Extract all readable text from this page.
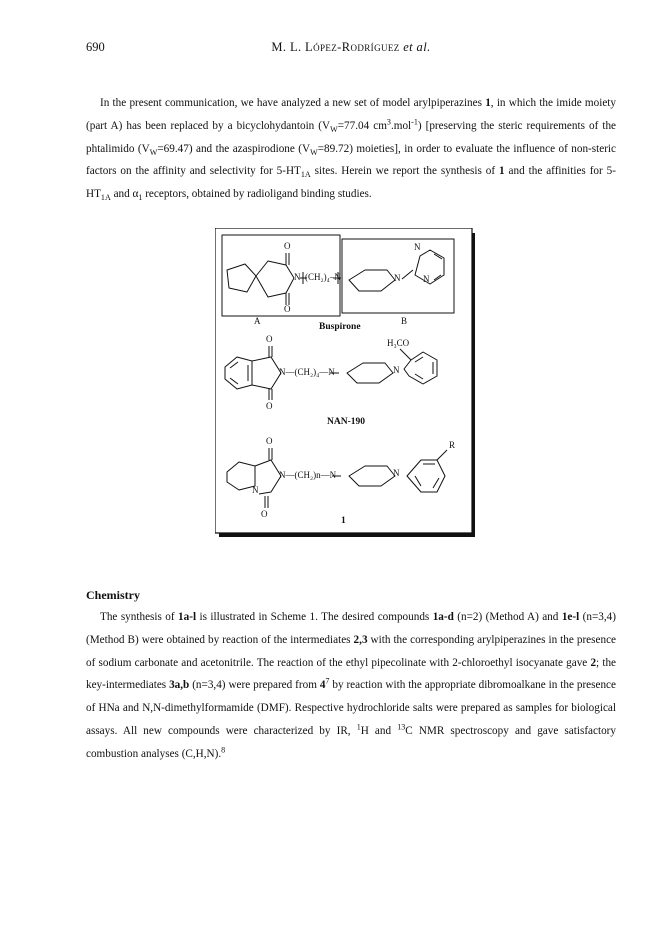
690	M. L. López-Rodríguez et al.

In the present communication, we have analyzed a new set of model arylpiperazines 1, in which the imide moiety (part A) has been replaced by a bicyclohydantoin ($V_W=77.04$ $cm^3.mol^{-1}$) [preserving the steric requirements of the phtalimido $(V_W=69.47)$ and the azaspirodione $(V_W=89.72)$ moieties], in order to evaluate the influence of non-steric factors on the affinity and selectivity for $5-HT_{1A}$ sites. Herein we report the synthesis of 1 and the affinities for $5-HT_{1A}$ and $\alpha_1$ receptors, obtained by radioligand binding studies.

O
O
N–(CH₂)₄–N	N
N
N
A	B
Buspirone
H₃CO
O
N—(CH₂)₄—N	N
O
NAN-190
O	R
N—(CH₂)n—N	N
N
O
1
Chemistry

The synthesis of 1a-l is illustrated in Scheme 1. The desired compounds 1a-d (n=2) (Method A) and 1e-l (n=3,4) (Method B) were obtained by reaction of the intermediates 2,3 with the corresponding arylpiperazines in the presence of sodium carbonate and acetonitrile. The reaction of the ethyl pipecolinate with 2-chloroethyl isocyanate gave 2; the key-intermediates 3a,b (n=3,4) were prepared from $4^7$ by reaction with the appropriate dibromoalkane in the presence of HNa and N,N-dimethylformamide (DMF). Respective hydrochloride salts were prepared as samples for biological assays. All new compounds were characterized by IR, $^1$H and $^{13}$C NMR spectroscopy and gave satisfactory combustion analyses (C,H,N).$^8$
